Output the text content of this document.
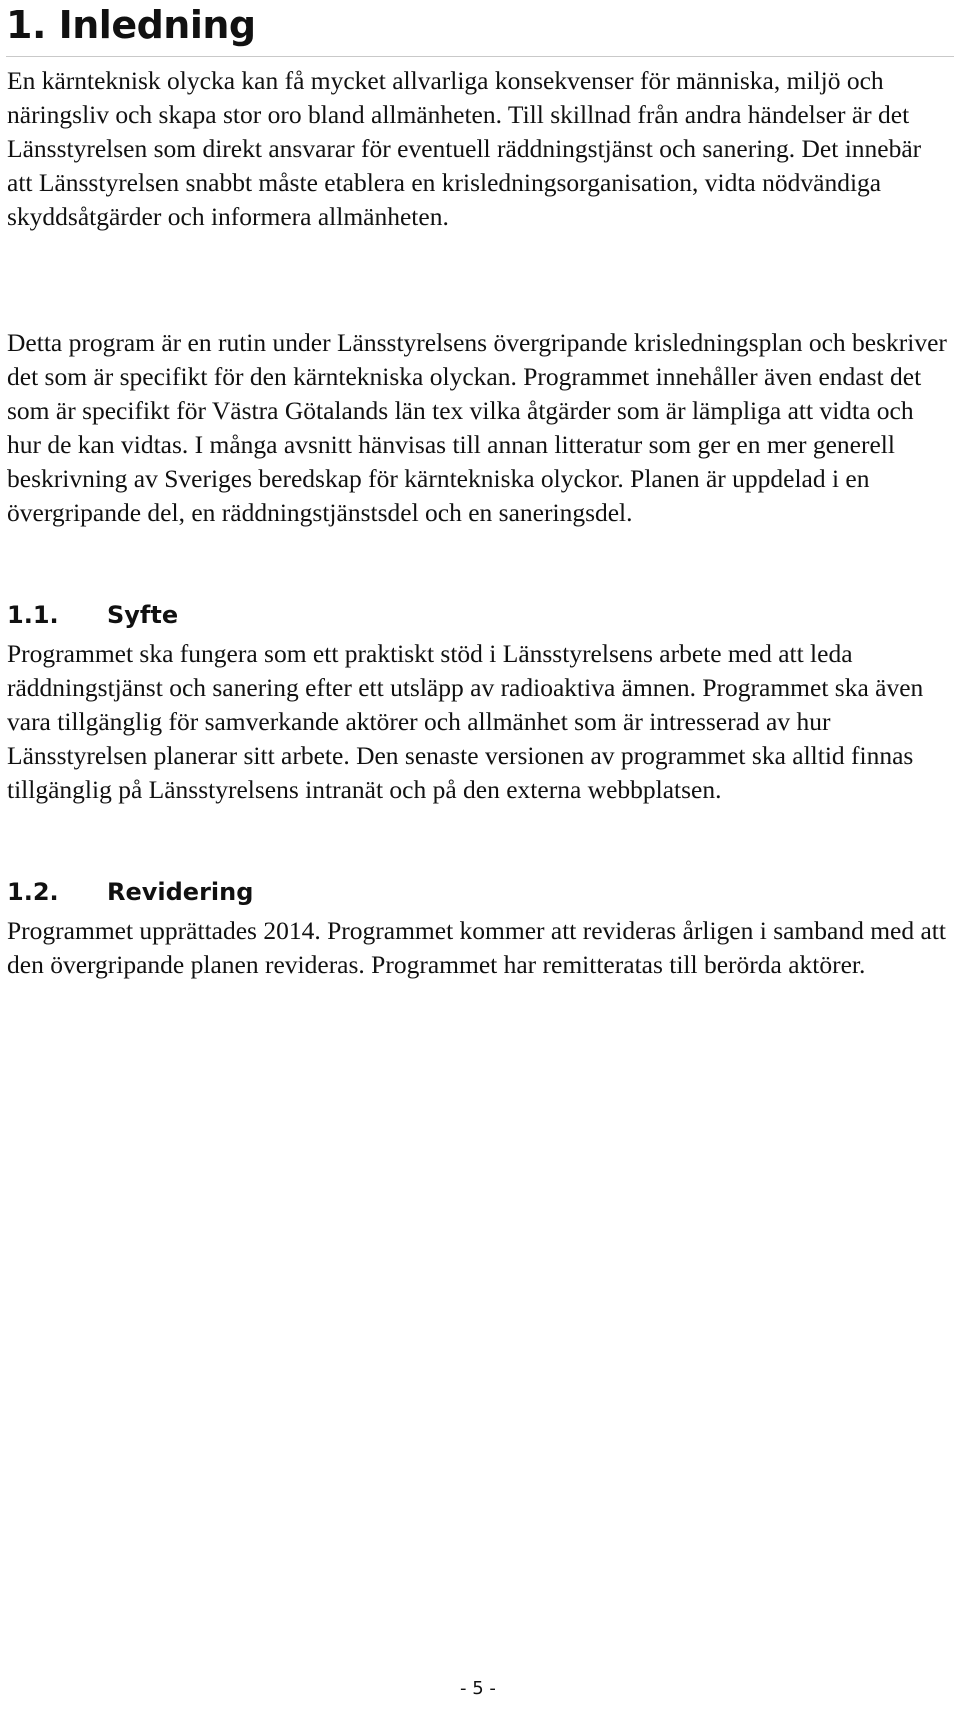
1. Inledning

En kärnteknisk olycka kan få mycket allvarliga konsekvenser för människa, miljö och näringsliv och skapa stor oro bland allmänheten. Till skillnad från andra händelser är det Länsstyrelsen som direkt ansvarar för eventuell räddningstjänst och sanering. Det innebär att Länsstyrelsen snabbt måste etablera en krisledningsorganisation, vidta nödvändiga skyddsåtgärder och informera allmänheten.

Detta program är en rutin under Länsstyrelsens övergripande krisledningsplan och beskriver det som är specifikt för den kärntekniska olyckan. Programmet innehåller även endast det som är specifikt för Västra Götalands län tex vilka åtgärder som är lämpliga att vidta och hur de kan vidtas. I många avsnitt hänvisas till annan litteratur som ger en mer generell beskrivning av Sveriges beredskap för kärntekniska olyckor. Planen är uppdelad i en övergripande del, en räddningstjänstsdel och en saneringsdel.

1.1. Syfte

Programmet ska fungera som ett praktiskt stöd i Länsstyrelsens arbete med att leda räddningstjänst och sanering efter ett utsläpp av radioaktiva ämnen. Programmet ska även vara tillgänglig för samverkande aktörer och allmänhet som är intresserad av hur Länsstyrelsen planerar sitt arbete. Den senaste versionen av programmet ska alltid finnas tillgänglig på Länsstyrelsens intranät och på den externa webbplatsen.

1.2. Revidering

Programmet upprättades 2014. Programmet kommer att revideras årligen i samband med att den övergripande planen revideras. Programmet har remitteratas till berörda aktörer.

- 5 -
